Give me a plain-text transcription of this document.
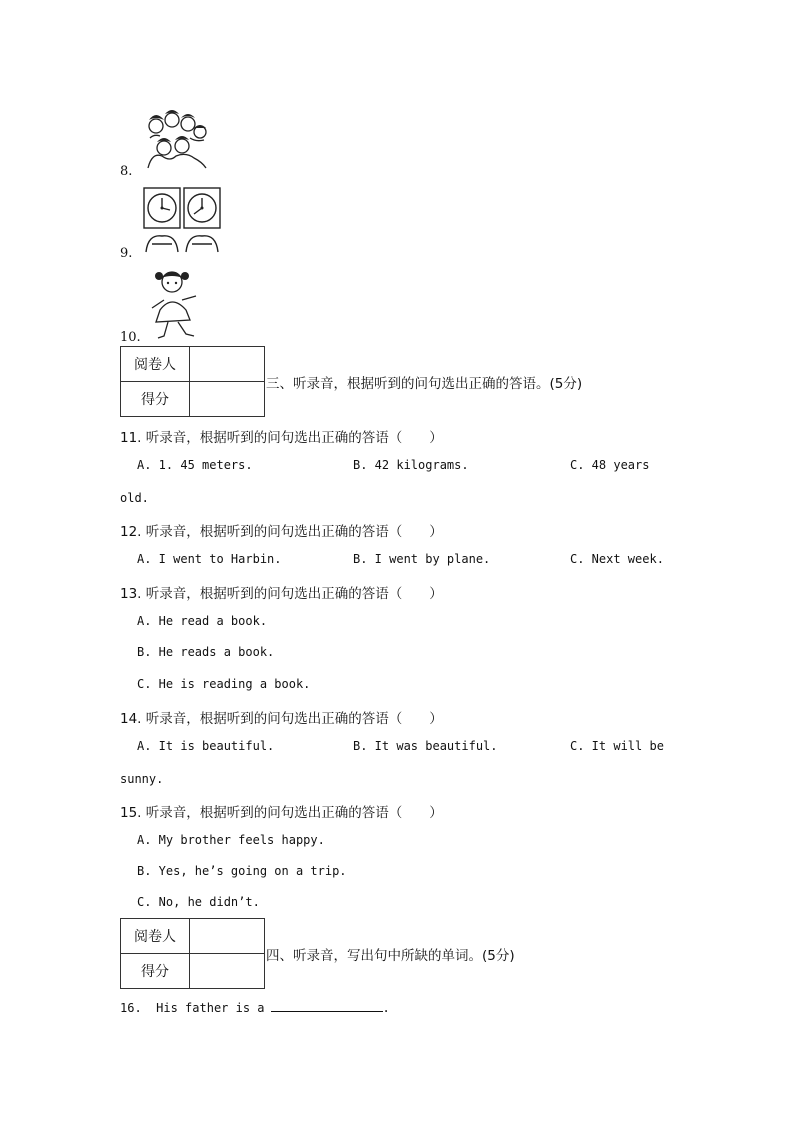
8.
9.
10.
阅卷人	
得分	
三、听录音，根据听到的问句选出正确的答语。(5分)
11. 听录音，根据听到的问句选出正确的答语（　　）
A. 1. 45 meters.	B. 42 kilograms.	C. 48 years
old.
12. 听录音，根据听到的问句选出正确的答语（　　）
A. I went to Harbin.	B. I went by plane.	C. Next week.
13. 听录音，根据听到的问句选出正确的答语（　　）
A. He read a book.
B. He reads a book.
C. He is reading a book.
14. 听录音，根据听到的问句选出正确的答语（　　）
A. It is beautiful.	B. It was beautiful.	C. It will be
sunny.
15. 听录音，根据听到的问句选出正确的答语（　　）
A. My brother feels happy.
B. Yes, he’s going on a trip.
C. No, he didn’t.
阅卷人	
得分	
四、听录音，写出句中所缺的单词。(5分)
16. His father is a	.
